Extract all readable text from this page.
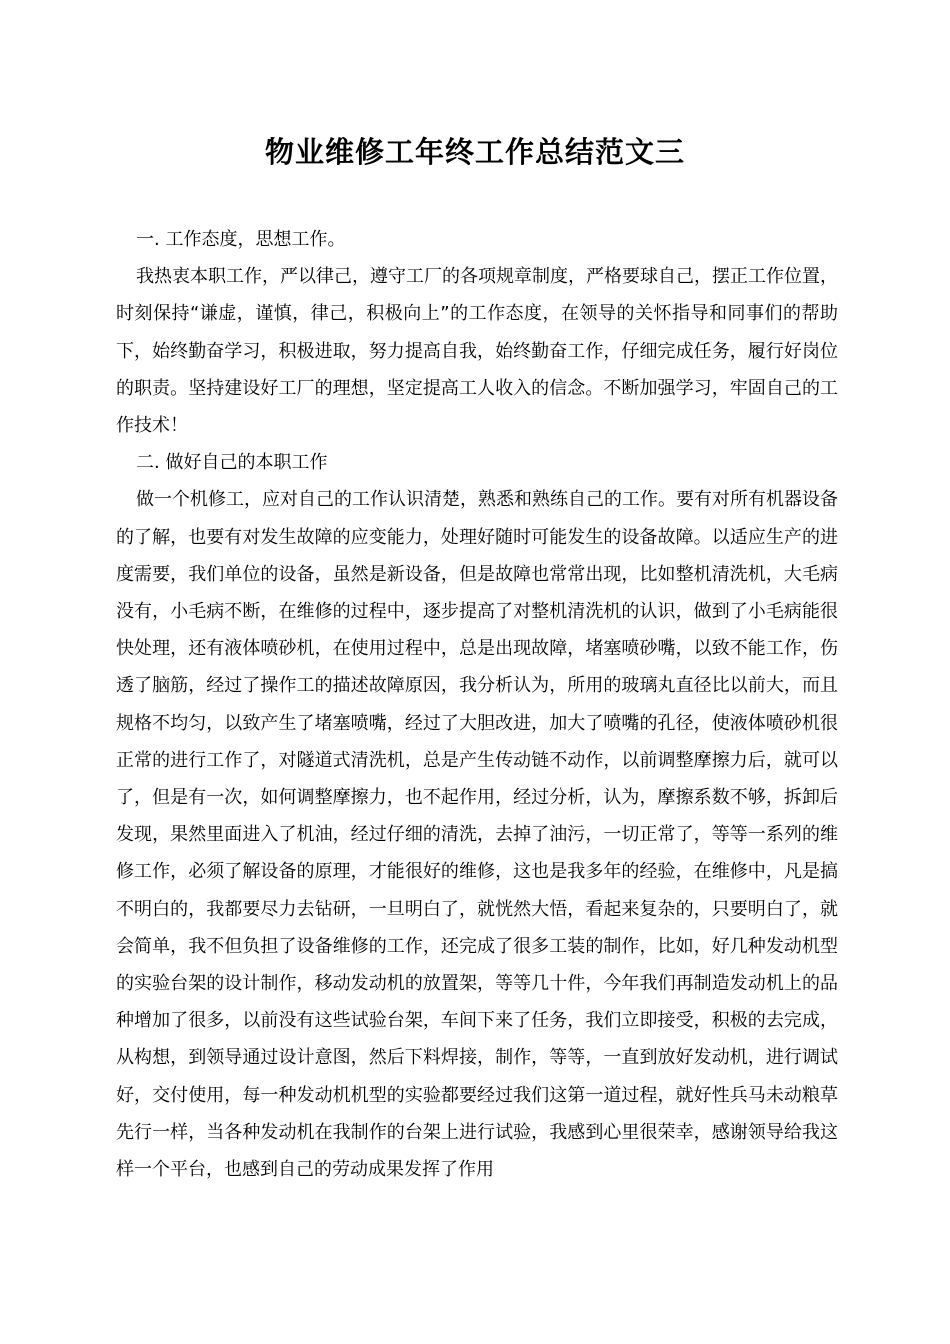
物业维修工年终工作总结范文三

一. 工作态度，思想工作。

我热衷本职工作，严以律己，遵守工厂的各项规章制度，严格要球自己，摆正工作位置，时刻保持“谦虚，谨慎，律己，积极向上”的工作态度，在领导的关怀指导和同事们的帮助下，始终勤奋学习，积极进取，努力提高自我，始终勤奋工作，仔细完成任务，履行好岗位的职责。坚持建设好工厂的理想，坚定提高工人收入的信念。不断加强学习，牢固自己的工作技术！

二. 做好自己的本职工作

做一个机修工，应对自己的工作认识清楚，熟悉和熟练自己的工作。要有对所有机器设备的了解，也要有对发生故障的应变能力，处理好随时可能发生的设备故障。以适应生产的进度需要，我们单位的设备，虽然是新设备，但是故障也常常出现，比如整机清洗机，大毛病没有，小毛病不断，在维修的过程中，逐步提高了对整机清洗机的认识，做到了小毛病能很快处理，还有液体喷砂机，在使用过程中，总是出现故障，堵塞喷砂嘴，以致不能工作，伤透了脑筋，经过了操作工的描述故障原因，我分析认为，所用的玻璃丸直径比以前大，而且规格不均匀，以致产生了堵塞喷嘴，经过了大胆改进，加大了喷嘴的孔径，使液体喷砂机很正常的进行工作了，对隧道式清洗机，总是产生传动链不动作，以前调整摩擦力后，就可以了，但是有一次，如何调整摩擦力，也不起作用，经过分析，认为，摩擦系数不够，拆卸后发现，果然里面进入了机油，经过仔细的清洗，去掉了油污，一切正常了，等等一系列的维修工作，必须了解设备的原理，才能很好的维修，这也是我多年的经验，在维修中，凡是搞不明白的，我都要尽力去钻研，一旦明白了，就恍然大悟，看起来复杂的，只要明白了，就会简单，我不但负担了设备维修的工作，还完成了很多工装的制作，比如，好几种发动机型的实验台架的设计制作，移动发动机的放置架，等等几十件，今年我们再制造发动机上的品种增加了很多，以前没有这些试验台架，车间下来了任务，我们立即接受，积极的去完成，从构想，到领导通过设计意图，然后下料焊接，制作，等等，一直到放好发动机，进行调试好，交付使用，每一种发动机机型的实验都要经过我们这第一道过程，就好性兵马未动粮草先行一样，当各种发动机在我制作的台架上进行试验，我感到心里很荣幸，感谢领导给我这样一个平台，也感到自己的劳动成果发挥了作用
